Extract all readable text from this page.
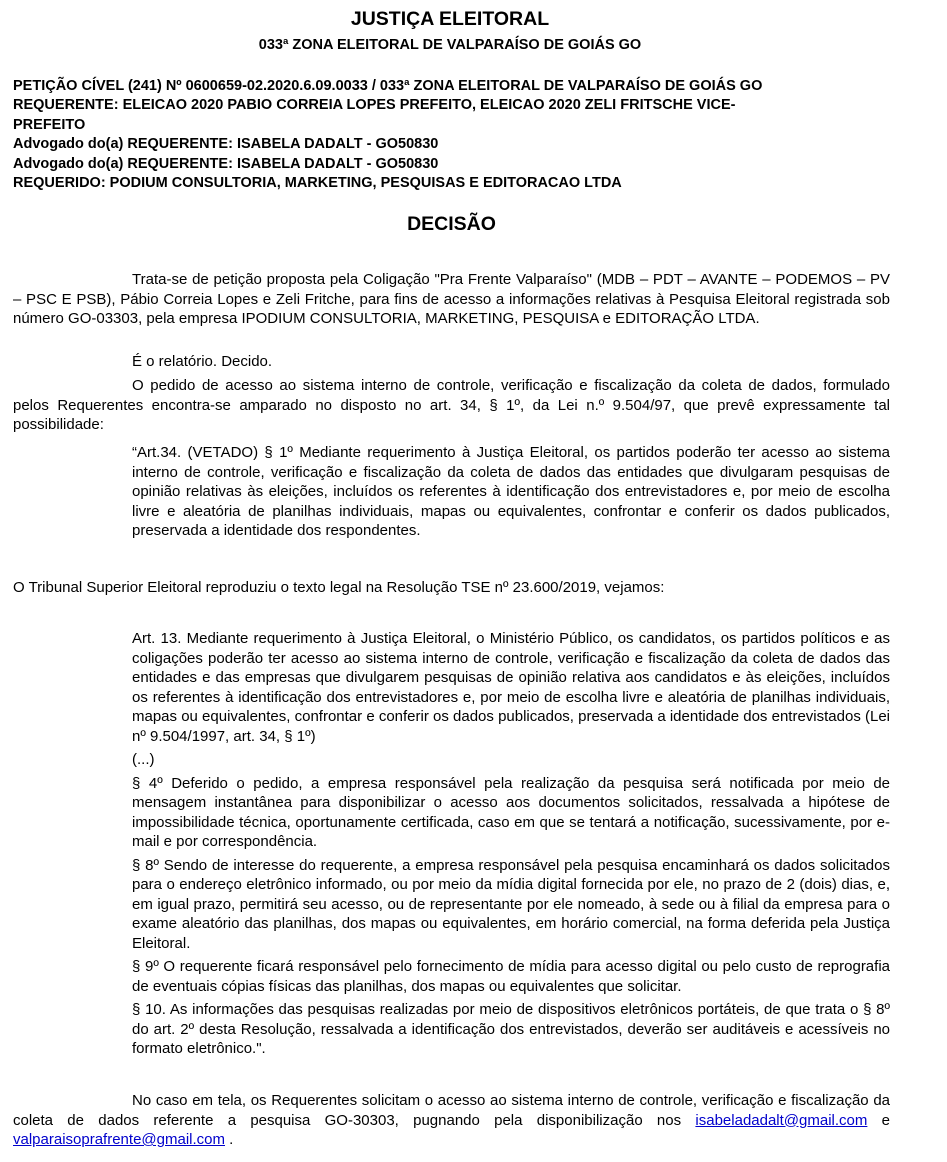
JUSTIÇA ELEITORAL
033ª ZONA ELEITORAL DE VALPARAÍSO DE GOIÁS GO
PETIÇÃO CÍVEL (241) Nº 0600659-02.2020.6.09.0033 / 033ª ZONA ELEITORAL DE VALPARAÍSO DE GOIÁS GO
REQUERENTE: ELEICAO 2020 PABIO CORREIA LOPES PREFEITO, ELEICAO 2020 ZELI FRITSCHE VICE-
PREFEITO
Advogado do(a) REQUERENTE: ISABELA DADALT - GO50830
Advogado do(a) REQUERENTE: ISABELA DADALT - GO50830
REQUERIDO: PODIUM CONSULTORIA, MARKETING, PESQUISAS E EDITORACAO LTDA
DECISÃO
Trata-se de petição proposta pela Coligação "Pra Frente Valparaíso" (MDB – PDT – AVANTE – PODEMOS – PV – PSC E PSB), Pábio Correia Lopes e Zeli Fritche, para fins de acesso a informações relativas à Pesquisa Eleitoral registrada sob número GO-03303, pela empresa IPODIUM CONSULTORIA, MARKETING, PESQUISA e EDITORAÇÃO LTDA.
É o relatório. Decido.
O pedido de acesso ao sistema interno de controle, verificação e fiscalização da coleta de dados, formulado pelos Requerentes encontra-se amparado no disposto no art. 34, § 1º, da Lei n.º 9.504/97, que prevê expressamente tal possibilidade:
“Art.34. (VETADO) § 1º Mediante requerimento à Justiça Eleitoral, os partidos poderão ter acesso ao sistema interno de controle, verificação e fiscalização da coleta de dados das entidades que divulgaram pesquisas de opinião relativas às eleições, incluídos os referentes à identificação dos entrevistadores e, por meio de escolha livre e aleatória de planilhas individuais, mapas ou equivalentes, confrontar e conferir os dados publicados, preservada a identidade dos respondentes.
O Tribunal Superior Eleitoral reproduziu o texto legal na Resolução TSE nº 23.600/2019, vejamos:
Art. 13. Mediante requerimento à Justiça Eleitoral, o Ministério Público, os candidatos, os partidos políticos e as coligações poderão ter acesso ao sistema interno de controle, verificação e fiscalização da coleta de dados das entidades e das empresas que divulgarem pesquisas de opinião relativa aos candidatos e às eleições, incluídos os referentes à identificação dos entrevistadores e, por meio de escolha livre e aleatória de planilhas individuais, mapas ou equivalentes, confrontar e conferir os dados publicados, preservada a identidade dos entrevistados (Lei nº 9.504/1997, art. 34, § 1º)
(...)
§ 4º Deferido o pedido, a empresa responsável pela realização da pesquisa será notificada por meio de mensagem instantânea para disponibilizar o acesso aos documentos solicitados, ressalvada a hipótese de impossibilidade técnica, oportunamente certificada, caso em que se tentará a notificação, sucessivamente, por e-mail e por correspondência.
§ 8º Sendo de interesse do requerente, a empresa responsável pela pesquisa encaminhará os dados solicitados para o endereço eletrônico informado, ou por meio da mídia digital fornecida por ele, no prazo de 2 (dois) dias, e, em igual prazo, permitirá seu acesso, ou de representante por ele nomeado, à sede ou à filial da empresa para o exame aleatório das planilhas, dos mapas ou equivalentes, em horário comercial, na forma deferida pela Justiça Eleitoral.
§ 9º O requerente ficará responsável pelo fornecimento de mídia para acesso digital ou pelo custo de reprografia de eventuais cópias físicas das planilhas, dos mapas ou equivalentes que solicitar.
§ 10. As informações das pesquisas realizadas por meio de dispositivos eletrônicos portáteis, de que trata o § 8º do art. 2º desta Resolução, ressalvada a identificação dos entrevistados, deverão ser auditáveis e acessíveis no formato eletrônico.".
No caso em tela, os Requerentes solicitam o acesso ao sistema interno de controle, verificação e fiscalização da coleta de dados referente a pesquisa GO-30303, pugnando pela disponibilização nos isabeladadalt@gmail.com e valparaisoprafrente@gmail.com .
